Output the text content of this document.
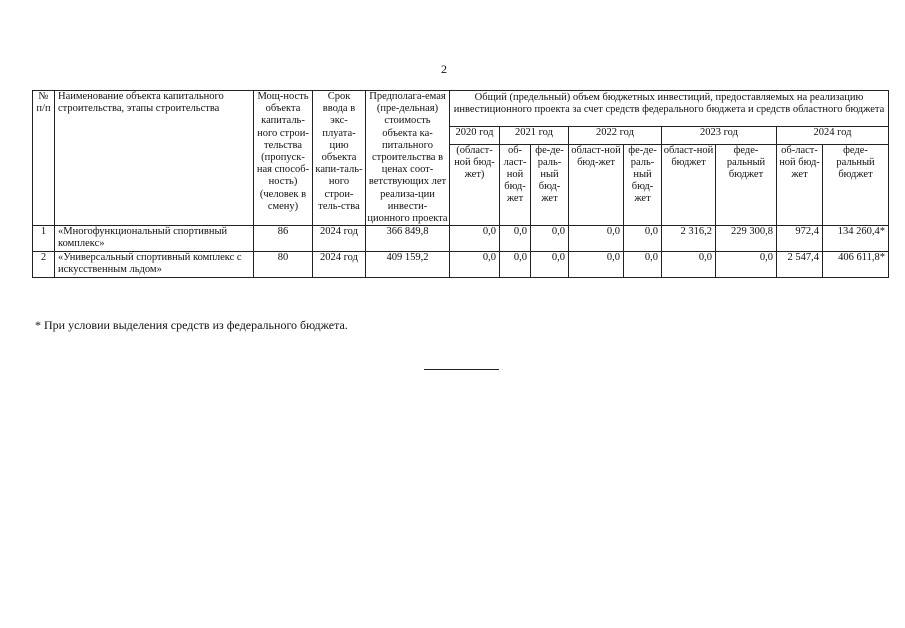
2
№ п/п	Наименование объекта капитального строительства, этапы строительства	Мощ-ность объекта капиталь-ного строи-тельства (пропуск-ная способ-ность) (человек в смену)	Срок ввода в экс-плуата-цию объекта капи-таль-ного строи-тель-ства	Предполага-емая (пре-дельная) стоимость объекта ка-питального строительства в ценах соот-ветствующих лет реализа-ции инвести-ционного проекта	Общий (предельный) объем бюджетных инвестиций, предоставляемых на реализацию инвестиционного проекта за счет средств федерального бюджета и средств областного бюджета								
					2020 год	2021 год		2022 год		2023 год		2024 год	
					(област-ной бюд-жет)	об-ласт-ной бюд-жет	фе-де-раль-ный бюд-жет	област-ной бюд-жет	фе-де-раль-ный бюд-жет	област-ной бюджет	феде-ральный бюджет	об-ласт-ной бюд-жет	феде-ральный бюджет
1	«Многофункциональный спортивный комплекс»	86	2024 год	366 849,8	0,0	0,0	0,0	0,0	0,0	2 316,2	229 300,8	972,4	134 260,4*
2	«Универсальный спортивный комплекс с искусственным льдом»	80	2024 год	409 159,2	0,0	0,0	0,0	0,0	0,0	0,0	0,0	2 547,4	406 611,8*
* При условии выделения средств из федерального бюджета.
